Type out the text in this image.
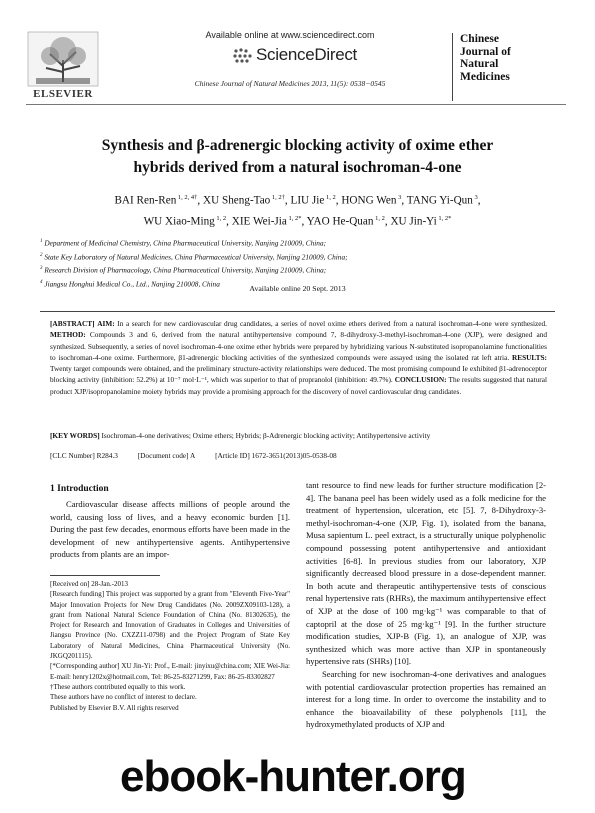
ELSEVIER
Available online at www.sciencedirect.com
ScienceDirect
Chinese Journal of Natural Medicines 2013, 11(5): 0538−0545
Chinese
Journal of
Natural
Medicines
Synthesis and β-adrenergic blocking activity of oxime ether
hybrids derived from a natural isochroman-4-one
BAI Ren-Ren $^{1, 2, 4\dagger}$, XU Sheng-Tao $^{1, 2\dagger}$, LIU Jie $^{1, 2}$, HONG Wen $^3$, TANG Yi-Qun $^3$,
WU Xiao-Ming $^{1, 2}$, XIE Wei-Jia $^{1, 2*}$, YAO He-Quan $^{1, 2}$, XU Jin-Yi $^{1, 2*}$
$^1$ Department of Medicinal Chemistry, China Pharmaceutical University, Nanjing 210009, China;
$^2$ State Key Laboratory of Natural Medicines, China Pharmaceutical University, Nanjing 210009, China;
$^3$ Research Division of Pharmacology, China Pharmaceutical University, Nanjing 210009, China;
$^4$ Jiangsu Honghui Medical Co., Ltd., Nanjing 210008, China
Available online 20 Sept. 2013
[ABSTRACT] AIM: In a search for new cardiovascular drug candidates, a series of novel oxime ethers derived from a natural isochroman-4-one were synthesized. METHOD: Compounds 3 and 6, derived from the natural antihypertensive compound 7, 8-dihydroxy-3-methyl-isochroman-4-one (XJP), were designed and synthesized. Subsequently, a series of novel isochroman-4-one oxime ether hybrids were prepared by hybridizing various N-substituted isopropanolamine functionalities to isochroman-4-one oxime. Furthermore, β1-adrenergic blocking activities of the synthesized compounds were assayed using the isolated rat left atria. RESULTS: Twenty target compounds were obtained, and the preliminary structure-activity relationships were deduced. The most promising compound Ie exhibited β1-adrenoceptor blocking activity (inhibition: 52.2%) at 10⁻⁷ mol·L⁻¹, which was superior to that of propranolol (inhibition: 49.7%). CONCLUSION: The results suggested that natural product XJP/isopropanolamine moiety hybrids may provide a promising approach for the discovery of novel cardiovascular drug candidates.
[KEY WORDS] Isochroman-4-one derivatives; Oxime ethers; Hybrids; β-Adrenergic blocking activity; Antihypertensive activity
[CLC Number] R284.3	[Document code] A	[Article ID] 1672-3651(2013)05-0538-08
1 Introduction

Cardiovascular disease affects millions of people around the world, causing loss of lives, and a heavy economic burden [1]. During the past few decades, enormous efforts have been made in the development of new antihypertensive agents. Antihypertensive products from plants are an impor-

tant resource to find new leads for further structure modification [2-4]. The banana peel has been widely used as a folk medicine for the treatment of hypertension, ulceration, etc [5]. 7, 8-Dihydroxy-3-methyl-isochroman-4-one (XJP, Fig. 1), isolated from the banana, Musa sapientum L. peel extract, is a structurally unique polyphenolic compound possessing potent antihypertensive and antioxidant activities [6-8]. In previous studies from our laboratory, XJP significantly decreased blood pressure in a dose-dependent manner. In both acute and therapeutic antihypertensive tests of conscious renal hypertensive rats (RHRs), the maximum antihypertensive effect of XJP at the dose of 100 mg·kg⁻¹ was comparable to that of captopril at the dose of 25 mg·kg⁻¹ [9]. In the further structure modification studies, XJP-B (Fig. 1), an analogue of XJP, was synthesized which was more active than XJP in spontaneously hypertensive rats (SHRs) [10].

Searching for new isochroman-4-one derivatives and analogues with potential cardiovascular protection properties has remained an interest for a long time. In order to overcome the instability and to enhance the bioavailability of these polyphenols [11], the hydroxymethylated products of XJP and

[Received on] 28-Jan.-2013

[Research funding] This project was supported by a grant from "Eleventh Five-Year" Major Innovation Projects for New Drug Candidates (No. 2009ZX09103-128), a grant from National Natural Science Foundation of China (No. 81302635), the Project for Research and Innovation of Graduates in Colleges and Universities of Jiangsu Province (No. CXZZ11-0798) and the Project Program of State Key Laboratory of Natural Medicines, China Pharmaceutical University (No. JKGQ201115).

[*Corresponding author] XU Jin-Yi: Prof., E-mail: jinyixu@china.com; XIE Wei-Jia: E-mail: henry1202x@hotmail.com, Tel: 86-25-83271299, Fax: 86-25-83302827

†These authors contributed equally to this work.

These authors have no conflict of interest to declare.

Published by Elsevier B.V. All rights reserved

ebook-hunter.org
